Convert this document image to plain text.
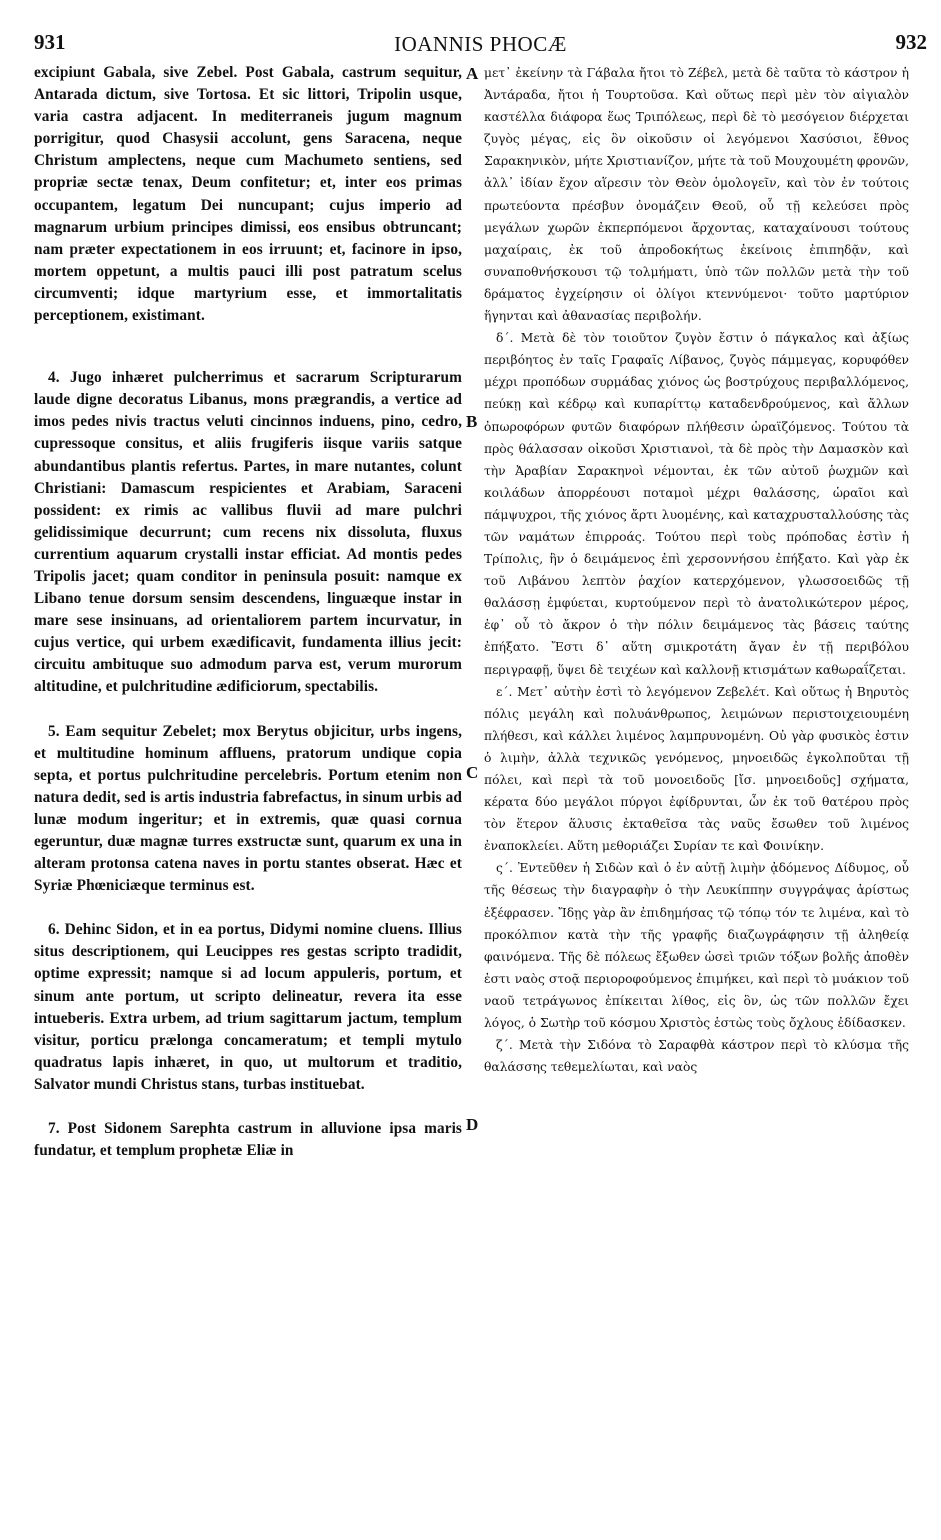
931	IOANNIS PHOCÆ	932

excipiunt Gabala, sive Zebel. Post Gabala, castrum sequitur, Antarada dictum, sive Tortosa. Et sic littori, Tripolin usque, varia castra adjacent. In mediterraneis jugum magnum porrigitur, quod Chasysii accolunt, gens Saracena, neque Christum amplectens, neque cum Machumeto sentiens, sed propriæ sectæ tenax, Deum confitetur; et, inter eos primas occupantem, legatum Dei nuncupant; cujus imperio ad magnarum urbium principes dimissi, eos ensibus obtruncant; nam præter expectationem in eos irruunt; et, facinore in ipso, mortem oppetunt, a multis pauci illi post patratum scelus circumventi; idque martyrium esse, et immortalitatis perceptionem, existimant.

4. Jugo inhæret pulcherrimus et sacrarum Scripturarum laude digne decoratus Libanus, mons prægrandis, a vertice ad imos pedes nivis tractus veluti cincinnos induens, pino, cedro, cupressoque consitus, et aliis frugiferis iisque variis satque abundantibus plantis refertus. Partes, in mare nutantes, colunt Christiani: Damascum respicientes et Arabiam, Saraceni possident: ex rimis ac vallibus fluvii ad mare pulchri gelidissimique decurrunt; cum recens nix dissoluta, fluxus currentium aquarum crystalli instar efficiat. Ad montis pedes Tripolis jacet; quam conditor in peninsula posuit: namque ex Libano tenue dorsum sensim descendens, linguæque instar in mare sese insinuans, ad orientaliorem partem incurvatur, in cujus vertice, qui urbem exædificavit, fundamenta illius jecit: circuitu ambituque suo admodum parva est, verum murorum altitudine, et pulchritudine ædificiorum, spectabilis.

5. Eam sequitur Zebelet; mox Berytus objicitur, urbs ingens, et multitudine hominum affluens, pratorum undique copia septa, et portus pulchritudine percelebris. Portum etenim non natura dedit, sed is artis industria fabrefactus, in sinum urbis ad lunæ modum ingeritur; et in extremis, quæ quasi cornua egeruntur, duæ magnæ turres exstructæ sunt, quarum ex una in alteram protonsa catena naves in portu stantes obserat. Hæc et Syriæ Phœniciæque terminus est.

6. Dehinc Sidon, et in ea portus, Didymi nomine cluens. Illius situs descriptionem, qui Leucippes res gestas scripto tradidit, optime expressit; namque si ad locum appuleris, portum, et sinum ante portum, ut scripto delineatur, revera ita esse intueberis. Extra urbem, ad trium sagittarum jactum, templum visitur, porticu prælonga concameratum; et templi mytulo quadratus lapis inhæret, in quo, ut multorum et traditio, Salvator mundi Christus stans, turbas instituebat.

7. Post Sidonem Sarephta castrum in alluvione ipsa maris fundatur, et templum prophetæ Eliæ in

A
B
C
D

μετ᾽ ἐκείνην τὰ Γάβαλα ἤτοι τὸ Ζέβελ, μετὰ δὲ ταῦτα τὸ κάστρον ἡ Ἀντάραδα, ἤτοι ἡ Τουρτοῦσα. Καὶ οὕτως περὶ μὲν τὸν αἰγιαλὸν καστέλλα διάφορα ἕως Τριπόλεως, περὶ δὲ τὸ μεσόγειον διέρχεται ζυγὸς μέγας, εἰς ὃν οἰκοῦσιν οἱ λεγόμενοι Χασύσιοι, ἔθνος Σαρακηνικὸν, μήτε Χριστιανίζον, μήτε τὰ τοῦ Μουχουμέτη φρονῶν, ἀλλ᾽ ἰδίαν ἔχον αἵρεσιν τὸν Θεὸν ὁμολογεῖν, καὶ τὸν ἐν τούτοις πρωτεύοντα πρέσβυν ὀνομάζειν Θεοῦ, οὗ τῇ κελεύσει πρὸς μεγάλων χωρῶν ἐκπερπόμενοι ἄρχοντας, καταχαίνουσι τούτους μαχαίραις, ἐκ τοῦ ἀπροδοκήτως ἐκείνοις ἐπιπηδᾷν, καὶ συναποθνήσκουσι τῷ τολμήματι, ὑπὸ τῶν πολλῶν μετὰ τὴν τοῦ δράματος ἐγχείρησιν οἱ ὀλίγοι κτεννύμενοι· τοῦτο μαρτύριον ἥγηνται καὶ ἀθανασίας περιβολήν.

δ΄. Μετὰ δὲ τὸν τοιοῦτον ζυγὸν ἔστιν ὁ πάγκαλος καὶ ἀξίως περιβόητος ἐν ταῖς Γραφαῖς Λίβανος, ζυγὸς πάμμεγας, κορυφόθεν μέχρι προπόδων συρμάδας χιόνος ὡς βοστρύχους περιβαλλόμενος, πεύκῃ καὶ κέδρῳ καὶ κυπαρίττῳ καταδενδρούμενος, καὶ ἄλλων ὀπωροφόρων φυτῶν διαφόρων πλήθεσιν ὡραϊζόμενος. Τούτου τὰ πρὸς θάλασσαν οἰκοῦσι Χριστιανοὶ, τὰ δὲ πρὸς τὴν Δαμασκὸν καὶ τὴν Ἀραβίαν Σαρακηνοὶ νέμονται, ἐκ τῶν αὐτοῦ ῥωχμῶν καὶ κοιλάδων ἀπορρέουσι ποταμοὶ μέχρι θαλάσσης, ὡραῖοι καὶ πάμψυχροι, τῆς χιόνος ἄρτι λυομένης, καὶ καταχρυσταλλούσης τὰς τῶν ναμάτων ἐπιρροάς. Τούτου περὶ τοὺς πρόποδας ἐστὶν ἡ Τρίπολις, ἣν ὁ δειμάμενος ἐπὶ χερσοννήσου ἐπήξατο. Καὶ γὰρ ἐκ τοῦ Λιβάνου λεπτὸν ῥαχίον κατερχόμενον, γλωσσοειδῶς τῇ θαλάσσῃ ἐμφύεται, κυρτούμενον περὶ τὸ ἀνατολικώτερον μέρος, ἐφ᾽ οὗ τὸ ἄκρον ὁ τὴν πόλιν δειμάμενος τὰς βάσεις ταύτης ἐπήξατο. Ἔστι δ᾽ αὕτη σμικροτάτη ἄγαν ἐν τῇ περιβόλου περιγραφῇ, ὕψει δὲ τειχέων καὶ καλλονῇ κτισμάτων καθωραΐζεται.

ε΄. Μετ᾽ αὐτὴν ἐστὶ τὸ λεγόμενον Ζεβελέτ. Καὶ οὕτως ἡ Βηρυτὸς πόλις μεγάλη καὶ πολυάνθρωπος, λειμώνων περιστοιχειουμένη πλήθεσι, καὶ κάλλει λιμένος λαμπρυνομένη. Οὐ γὰρ φυσικὸς ἐστιν ὁ λιμὴν, ἀλλὰ τεχνικῶς γενόμενος, μηνοειδῶς ἐγκολποῦται τῇ πόλει, καὶ περὶ τὰ τοῦ μονοειδοῦς [ἴσ. μηνοειδοῦς] σχήματα, κέρατα δύο μεγάλοι πύργοι ἐφίδρυνται, ὧν ἐκ τοῦ θατέρου πρὸς τὸν ἕτερον ἅλυσις ἐκταθεῖσα τὰς ναῦς ἔσωθεν τοῦ λιμένος ἐναποκλείει. Αὕτη μεθοριάζει Συρίαν τε καὶ Φοινίκην.

ς΄. Ἐντεῦθεν ἡ Σιδὼν καὶ ὁ ἐν αὐτῇ λιμὴν ᾀδόμενος Δίδυμος, οὗ τῆς θέσεως τὴν διαγραφὴν ὁ τὴν Λευκίππην συγγράψας ἀρίστως ἐξέφρασεν. Ἴδῃς γὰρ ἂν ἐπιδημήσας τῷ τόπῳ τόν τε λιμένα, καὶ τὸ προκόλπιον κατὰ τὴν τῆς γραφῆς διαζωγράφησιν τῇ ἀληθείᾳ φαινόμενα. Τῆς δὲ πόλεως ἔξωθεν ὡσεὶ τριῶν τόξων βολῆς ἀποθὲν ἐστι ναὸς στοᾷ περιοροφούμενος ἐπιμήκει, καὶ περὶ τὸ μυάκιον τοῦ ναοῦ τετράγωνος ἐπίκειται λίθος, εἰς ὃν, ὡς τῶν πολλῶν ἔχει λόγος, ὁ Σωτὴρ τοῦ κόσμου Χριστὸς ἑστὼς τοὺς ὄχλους ἐδίδασκεν.

ζ΄. Μετὰ τὴν Σιδόνα τὸ Σαραφθὰ κάστρον περὶ τὸ κλύσμα τῆς θαλάσσης τεθεμελίωται, καὶ ναὸς
